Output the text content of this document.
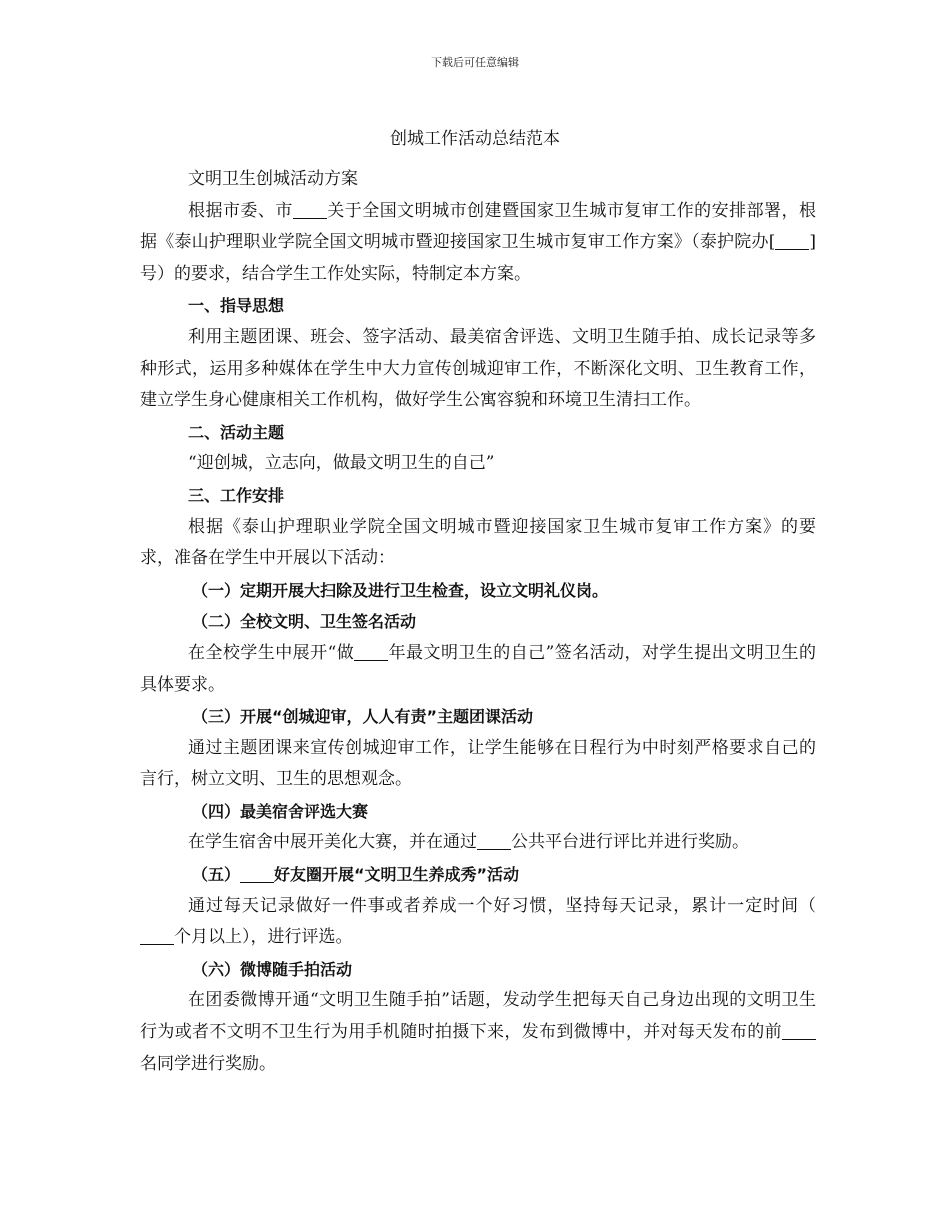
下载后可任意编辑
创城工作活动总结范本

文明卫生创城活动方案

根据市委、市 关于全国文明城市创建暨国家卫生城市复审工作的安排部署，根据《泰山护理职业学院全国文明城市暨迎接国家卫生城市复审工作方案》（泰护院办[ ]号）的要求，结合学生工作处实际，特制定本方案。

一、指导思想

利用主题团课、班会、签字活动、最美宿舍评选、文明卫生随手拍、成长记录等多种形式，运用多种媒体在学生中大力宣传创城迎审工作，不断深化文明、卫生教育工作，建立学生身心健康相关工作机构，做好学生公寓容貌和环境卫生清扫工作。

二、活动主题

“迎创城，立志向，做最文明卫生的自己”

三、工作安排

根据《泰山护理职业学院全国文明城市暨迎接国家卫生城市复审工作方案》的要求，准备在学生中开展以下活动：

（一）定期开展大扫除及进行卫生检查，设立文明礼仪岗。

（二）全校文明、卫生签名活动

在全校学生中展开“做 年最文明卫生的自己”签名活动，对学生提出文明卫生的具体要求。

（三）开展“创城迎审，人人有责”主题团课活动

通过主题团课来宣传创城迎审工作，让学生能够在日程行为中时刻严格要求自己的言行，树立文明、卫生的思想观念。

（四）最美宿舍评选大赛

在学生宿舍中展开美化大赛，并在通过 公共平台进行评比并进行奖励。

（五） 好友圈开展“文明卫生养成秀”活动

通过每天记录做好一件事或者养成一个好习惯，坚持每天记录，累计一定时间（个月以上），进行评选。

（六）微博随手拍活动

在团委微博开通“文明卫生随手拍”话题，发动学生把每天自己身边出现的文明卫生行为或者不文明不卫生行为用手机随时拍摄下来，发布到微博中，并对每天发布的前名同学进行奖励。
